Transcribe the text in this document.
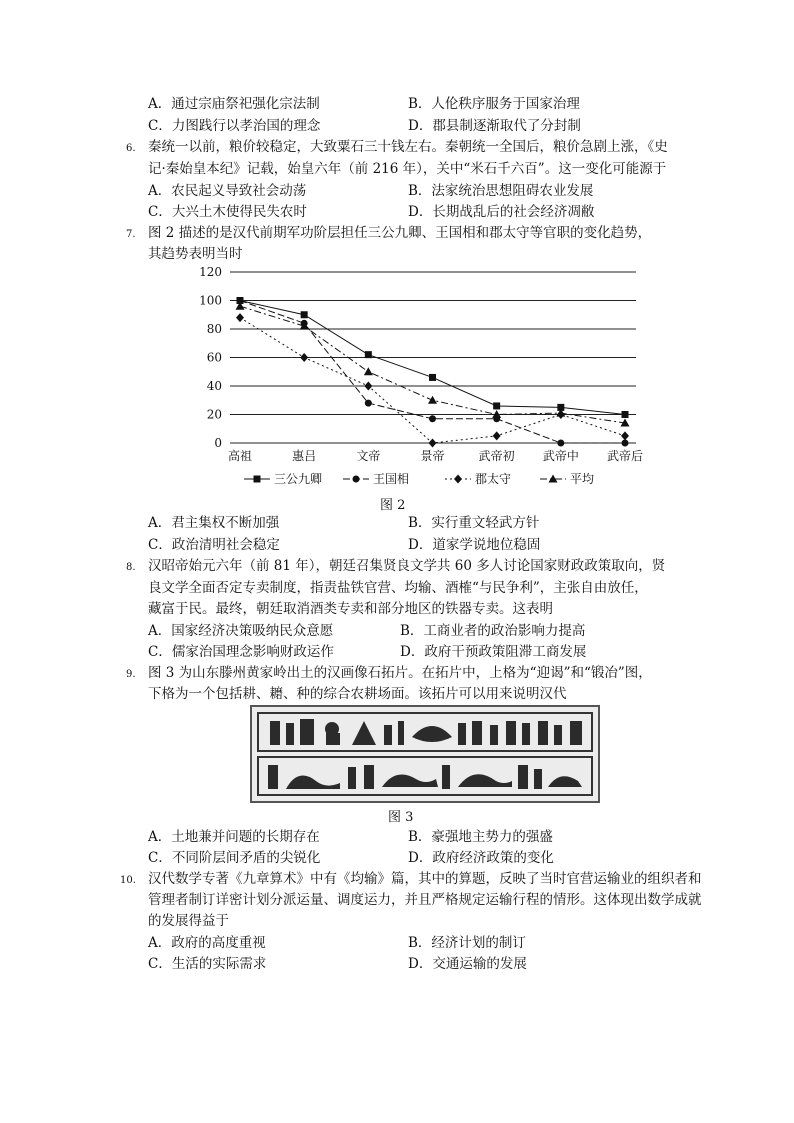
A．通过宗庙祭祀强化宗法制	B．人伦秩序服务于国家治理
C．力图践行以孝治国的理念	D．郡县制逐渐取代了分封制
6. 秦统一以前，粮价较稳定，大致粟石三十钱左右。秦朝统一全国后，粮价急剧上涨，《史
记·秦始皇本纪》记载，始皇六年（前 216 年），关中“米石千六百”。这一变化可能源于
A．农民起义导致社会动荡	B．法家统治思想阻碍农业发展
C．大兴土木使得民失农时	D．长期战乱后的社会经济凋敝
7. 图 2 描述的是汉代前期军功阶层担任三公九卿、王国相和郡太守等官职的变化趋势，
其趋势表明当时
0
20
40
60
80
100
120
高祖	惠吕	文帝	景帝	武帝初 武帝中 武帝后
三公九卿	王国相	郡太守	平均
图 2
A．君主集权不断加强	B．实行重文轻武方针
C．政治清明社会稳定	D．道家学说地位稳固
8. 汉昭帝始元六年（前 81 年），朝廷召集贤良文学共 60 多人讨论国家财政政策取向，贤
良文学全面否定专卖制度，指责盐铁官营、均输、酒榷“与民争利”，主张自由放任，
藏富于民。最终，朝廷取消酒类专卖和部分地区的铁器专卖。这表明
A．国家经济决策吸纳民众意愿	B．工商业者的政治影响力提高
C．儒家治国理念影响财政运作	D．政府干预政策阻滞工商发展
9. 图 3 为山东滕州黄家岭出土的汉画像石拓片。在拓片中，上格为“迎谒”和“锻冶”图，
下格为一个包括耕、耱、种的综合农耕场面。该拓片可以用来说明汉代
图 3
A．土地兼并问题的长期存在	B．豪强地主势力的强盛
C．不同阶层间矛盾的尖锐化	D．政府经济政策的变化
10. 汉代数学专著《九章算术》中有《均输》篇，其中的算题，反映了当时官营运输业的组织者和
管理者制订详密计划分派运量、调度运力，并且严格规定运输行程的情形。这体现出数学成就
的发展得益于
A．政府的高度重视	B．经济计划的制订
C．生活的实际需求	D．交通运输的发展
